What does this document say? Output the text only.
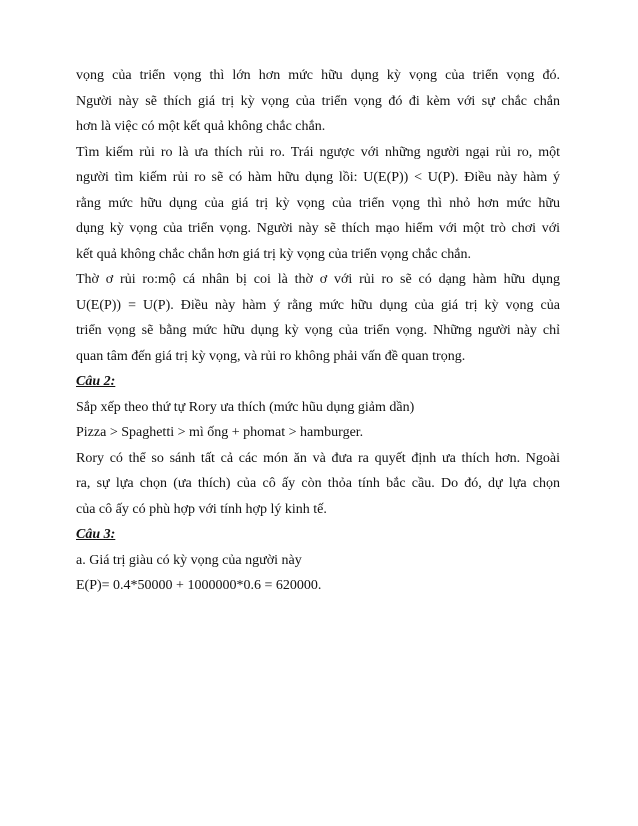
vọng của triển vọng thì lớn hơn mức hữu dụng kỳ vọng của triển vọng đó.
Người này sẽ thích giá trị kỳ vọng của triển vọng đó đi kèm với sự chắc chắn
hơn là việc có một kết quả không chắc chắn.

Tìm kiếm rủi ro là ưa thích rủi ro. Trái ngược với những người ngại rủi ro, một
người tìm kiếm rủi ro sẽ có hàm hữu dụng lồi: U(E(P)) < U(P). Điều này hàm ý
rằng mức hữu dụng của giá trị kỳ vọng của triển vọng thì nhỏ hơn mức hữu
dụng kỳ vọng của triển vọng. Người này sẽ thích mạo hiểm với một trò chơi với
kết quả không chắc chắn hơn giá trị kỳ vọng của triển vọng chắc chắn.

Thờ ơ rủi ro:mộ cá nhân bị coi là thờ ơ với rủi ro sẽ có dạng hàm hữu dụng
U(E(P)) = U(P). Điều này hàm ý rằng mức hữu dụng của giá trị kỳ vọng của
triển vọng sẽ bằng mức hữu dụng kỳ vọng của triển vọng. Những người này chỉ
quan tâm đến giá trị kỳ vọng, và rủi ro không phải vấn đề quan trọng.

Câu 2:

Sắp xếp theo thứ tự Rory ưa thích (mức hũu dụng giảm dần)

Pizza > Spaghetti > mì ống + phomat > hamburger.

Rory có thể so sánh tất cả các món ăn và đưa ra quyết định ưa thích hơn. Ngoài
ra, sự lựa chọn (ưa thích) của cô ấy còn thỏa tính bắc cầu. Do đó, dự lựa chọn
của cô ấy có phù hợp với tính hợp lý kinh tế.

Câu 3:

a. Giá trị giàu có kỳ vọng của người này

E(P)= 0.4*50000 + 1000000*0.6 = 620000.
